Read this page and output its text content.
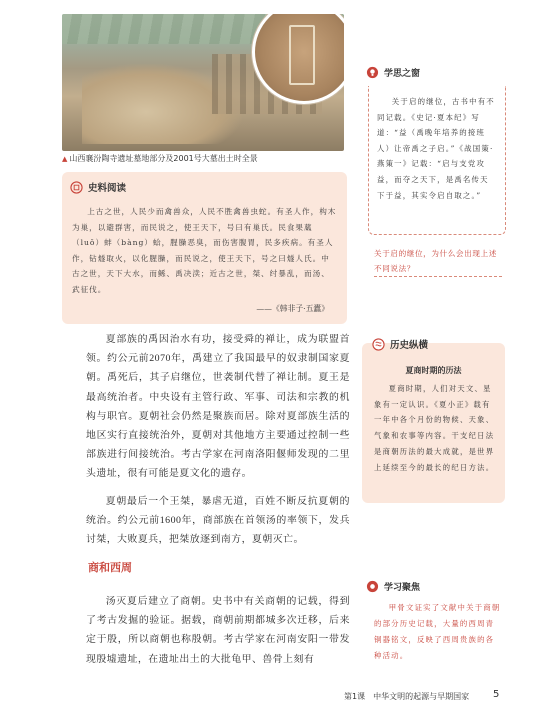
▲ 山西襄汾陶寺遗址墓地部分及2001号大墓出土时全景
史料阅读
上古之世，人民少而禽兽众，人民不胜禽兽虫蛇。有圣人作，构木为巢，以避群害，而民说之，使王天下，号曰有巢氏。民食果蓏（luǒ）蚌（bàng）蛤，腥臊恶臭，而伤害腹胃，民多疾病。有圣人作，钻燧取火，以化腥臊，而民说之，使王天下，号之曰燧人氏。中古之世，天下大水，而鲧、禹决渎；近古之世，桀、纣暴乱，而汤、武征伐。
——《韩非子·五蠹》
夏部族的禹因治水有功，接受舜的禅让，成为联盟首领。约公元前2070年，禹建立了我国最早的奴隶制国家夏朝。禹死后，其子启继位，世袭制代替了禅让制。夏王是最高统治者。中央设有主管行政、军事、司法和宗教的机构与职官。夏朝社会仍然是聚族而居。除对夏部族生活的地区实行直接统治外，夏朝对其他地方主要通过控制一些部族进行间接统治。考古学家在河南洛阳偃师发现的二里头遗址，很有可能是夏文化的遗存。
夏朝最后一个王桀，暴虐无道，百姓不断反抗夏朝的统治。约公元前1600年，商部族在首领汤的率领下，发兵讨桀，大败夏兵，把桀放逐到南方，夏朝灭亡。
商和西周
汤灭夏后建立了商朝。史书中有关商朝的记载，得到了考古发掘的验证。据载，商朝前期都城多次迁移，后来定于殷，所以商朝也称殷朝。考古学家在河南安阳一带发现殷墟遗址，在遗址出土的大批龟甲、兽骨上刻有
学思之窗
关于启的继位，古书中有不同记载。《史记·夏本纪》写道：“益（禹晚年培养的接班人）让帝禹之子启。”《战国策·燕策一》记载：“启与支党攻益，而夺之天下，是禹名传天下于益，其实令启自取之。”
关于启的继位，为什么会出现上述不同说法？
历史纵横
夏商时期的历法
夏商时期，人们对天文、星象有一定认识。《夏小正》载有一年中各个月份的物候、天象、气象和农事等内容。干支纪日法是商朝历法的最大成就，是世界上延续至今的最长的纪日方法。
学习聚焦
甲骨文证实了文献中关于商朝的部分历史记载，大量的西周青铜器铭文，反映了西周贵族的各种活动。
第1课　中华文明的起源与早期国家 5
